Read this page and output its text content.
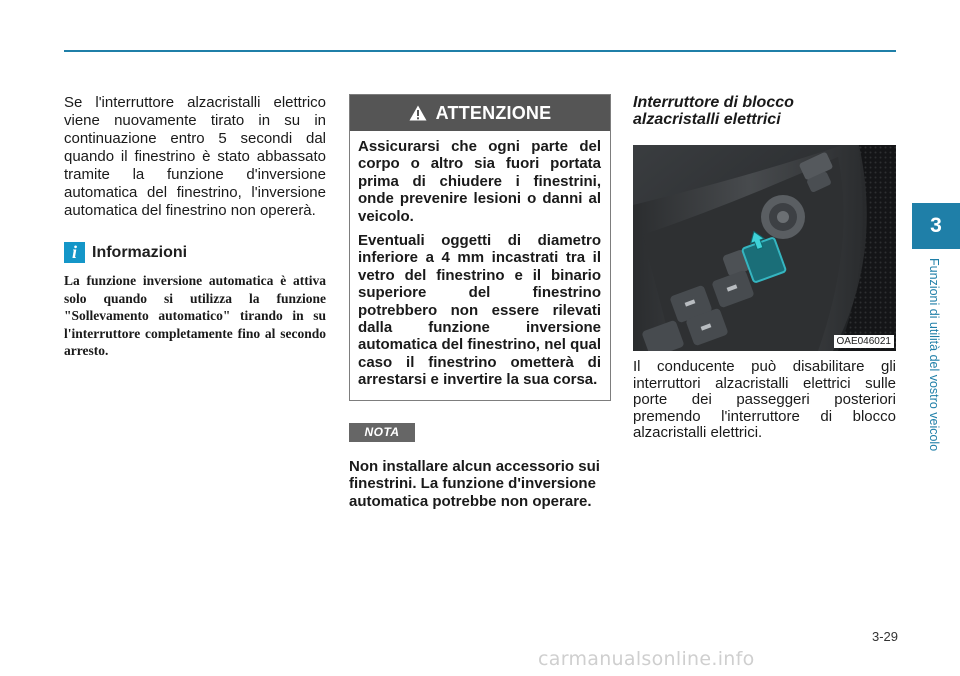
Se l'interruttore alzacristalli elettrico viene nuovamente tirato in su in continuazione entro 5 secondi dal quando il finestrino è stato abbassato tramite la funzione d'inversione automatica del finestrino, l'inversione automatica del finestrino non opererà.

i Informazioni

La funzione inversione automatica è attiva solo quando si utilizza la funzione "Sollevamento automatico" tirando in su l'interruttore completamente fino al secondo arresto.

ATTENZIONE

Assicurarsi che ogni parte del corpo o altro sia fuori portata prima di chiudere i finestrini, onde prevenire lesioni o danni al veicolo.

Eventuali oggetti di diametro inferiore a 4 mm incastrati tra il vetro del finestrino e il binario superiore del finestrino potrebbero non essere rilevati dalla funzione inversione automatica del finestrino, nel qual caso il finestrino ometterà di arrestarsi e invertire la sua corsa.

NOTA

Non installare alcun accessorio sui finestrini. La funzione d'inversione automatica potrebbe non operare.

Interruttore di blocco
alzacristalli elettrici
OAE046021

Il conducente può disabilitare gli interruttori alzacristalli elettrici sulle porte dei passeggeri posteriori premendo l'interruttore di blocco alzacristalli elettrici.

3
Funzioni di utilità del vostro veicolo
3-29
carmanualsonline.info
